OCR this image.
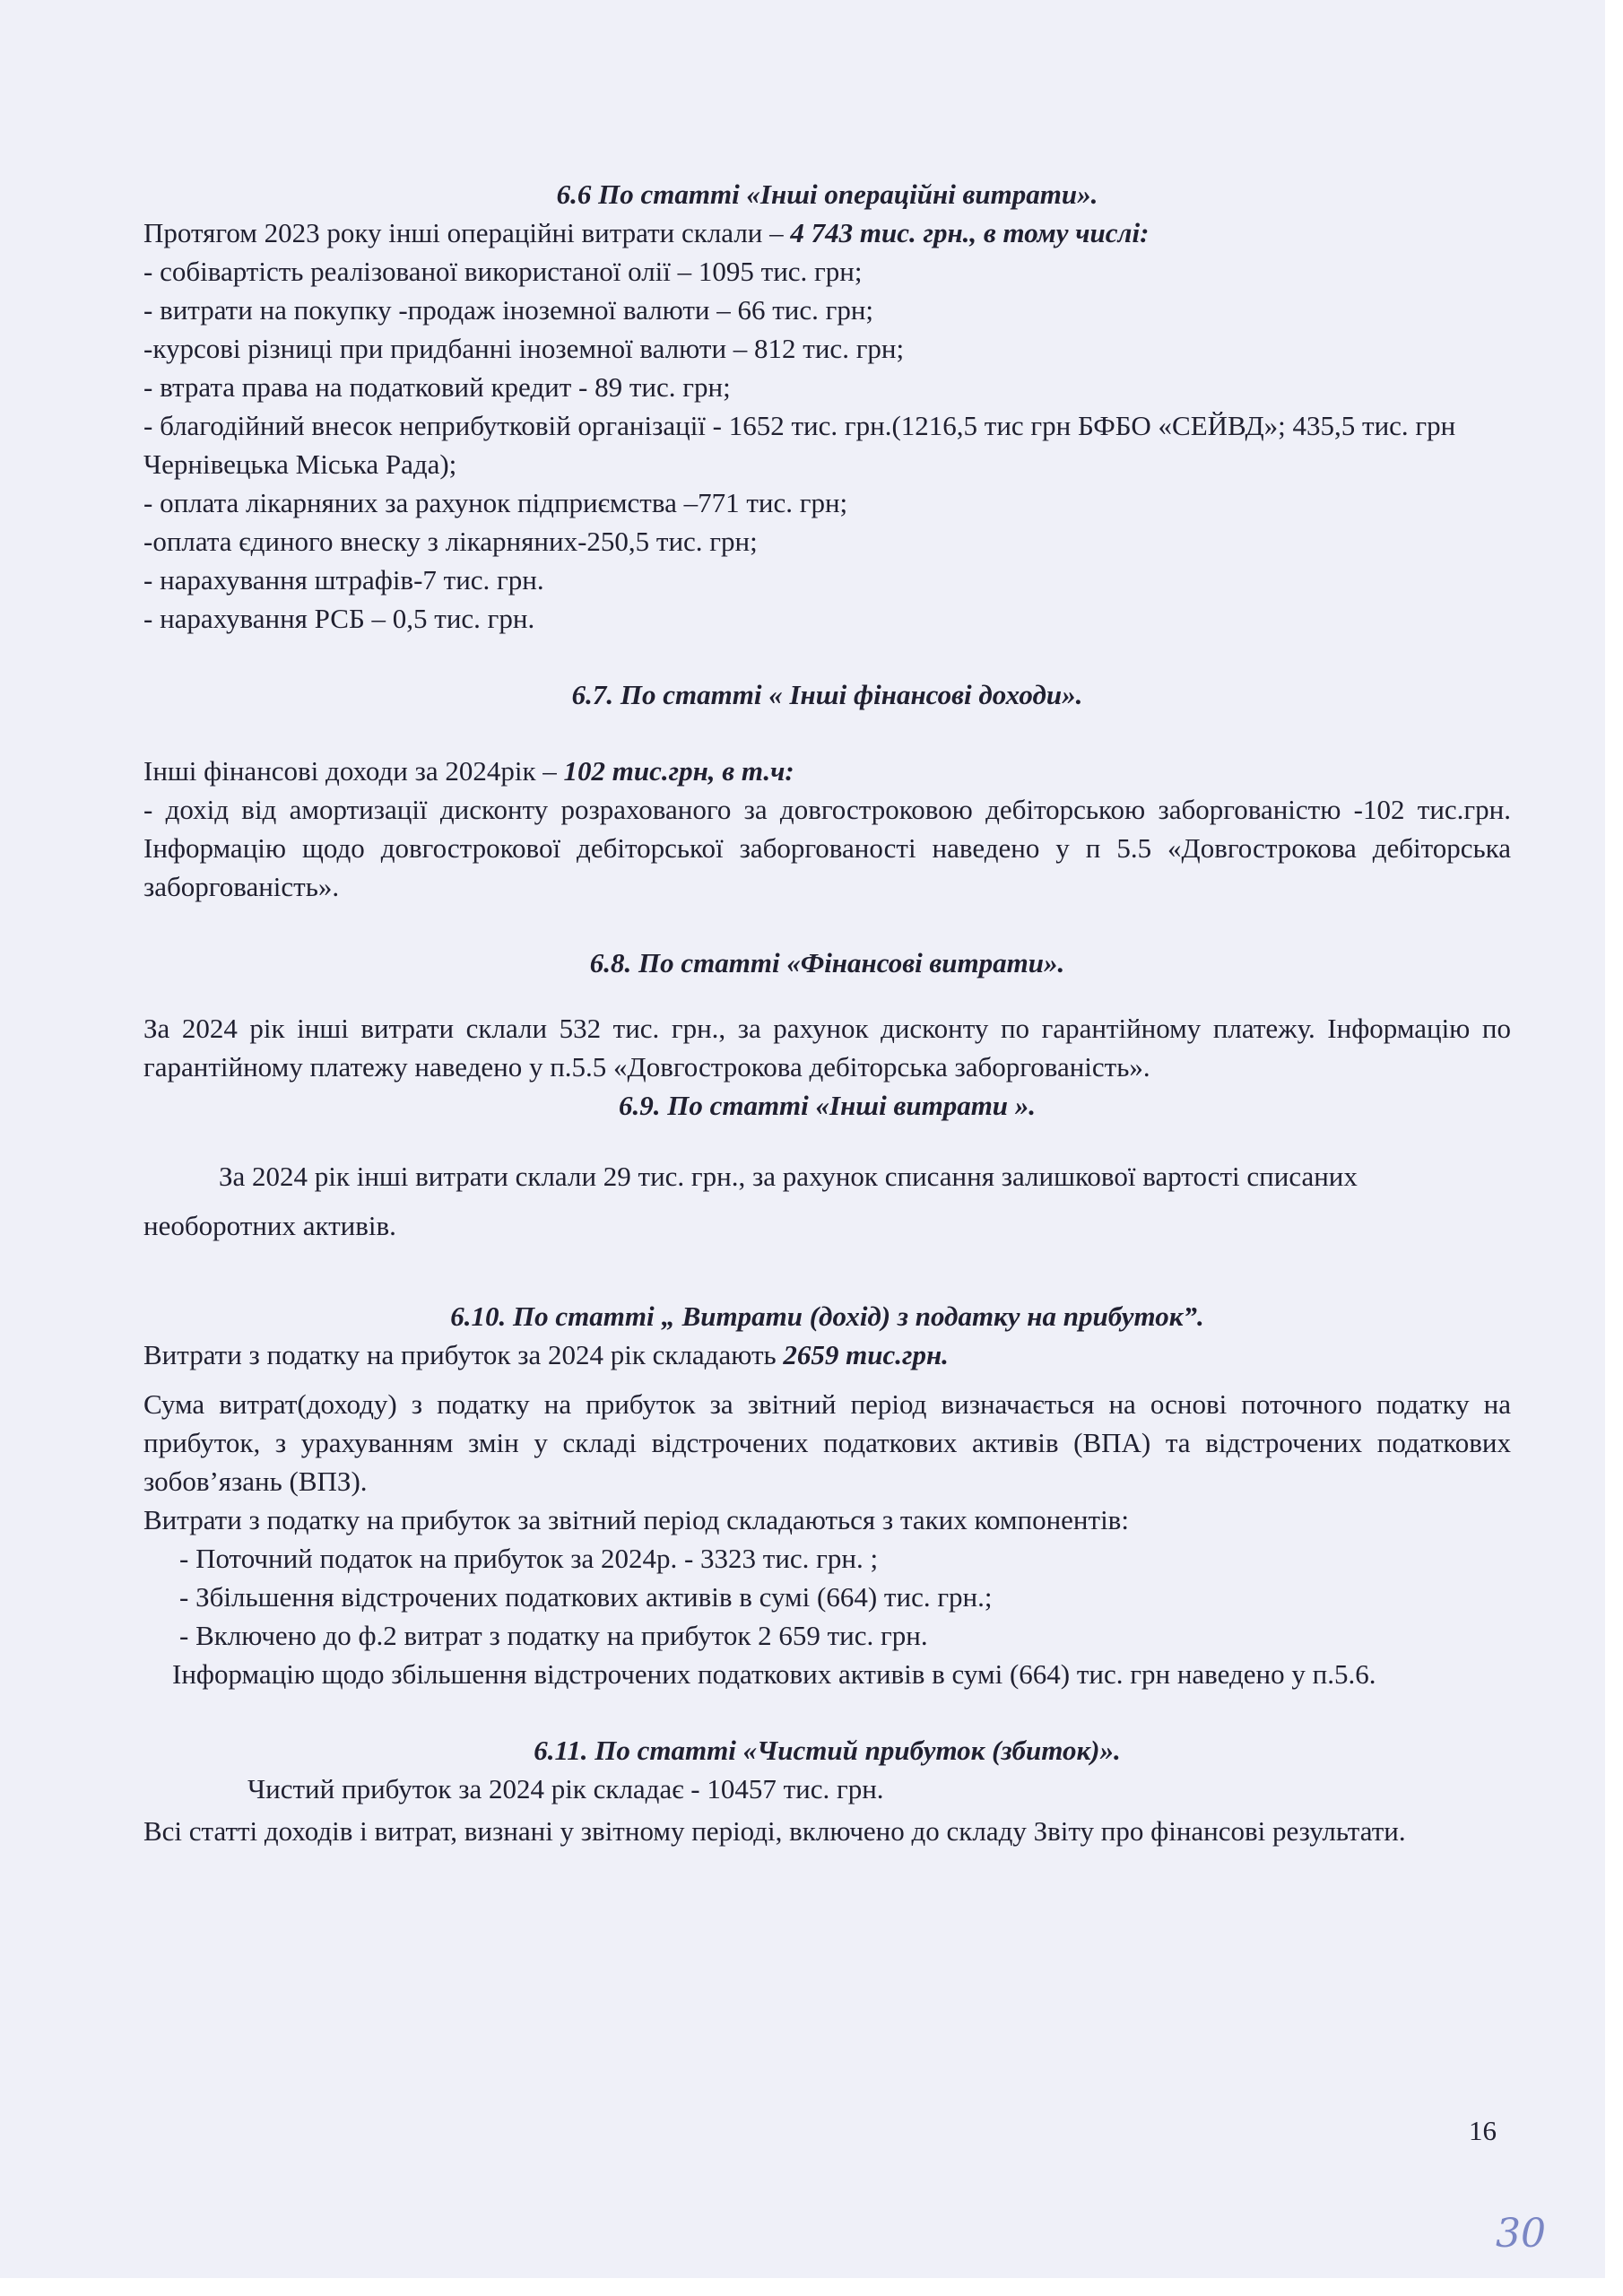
6.6 По статті «Інші операційні витрати».

Протягом 2023 року інші операційні витрати склали – 4 743 тис. грн., в тому числі:

- собівартість реалізованої використаної олії – 1095 тис. грн;

- витрати на покупку -продаж іноземної валюти – 66 тис. грн;

-курсові різниці при придбанні іноземної валюти – 812 тис. грн;

- втрата права на податковий кредит - 89 тис. грн;

- благодійний внесок неприбутковій організації - 1652 тис. грн.(1216,5 тис грн БФБО «СЕЙВД»; 435,5 тис. грн Чернівецька Міська Рада);

- оплата лікарняних за рахунок підприємства –771 тис. грн;

-оплата єдиного внеску з лікарняних-250,5 тис. грн;

- нарахування штрафів-7 тис. грн.

- нарахування РСБ – 0,5 тис. грн.

6.7. По статті « Інші фінансові доходи».

Інші фінансові доходи за 2024рік – 102 тис.грн, в т.ч:

- дохід від амортизації дисконту розрахованого за довгостроковою дебіторською заборгованістю -102 тис.грн. Інформацію щодо довгострокової дебіторської заборгованості наведено у п 5.5 «Довгострокова дебіторська заборгованість».

6.8. По статті «Фінансові витрати».

За 2024 рік інші витрати склали 532 тис. грн., за рахунок дисконту по гарантійному платежу. Інформацію по гарантійному платежу наведено у п.5.5 «Довгострокова дебіторська заборгованість».

6.9. По статті «Інші витрати ».

За 2024 рік інші витрати склали 29 тис. грн., за рахунок списання залишкової вартості списаних необоротних активів.

6.10. По статті „ Витрати (дохід) з податку на прибуток”.

Витрати з податку на прибуток за 2024 рік складають 2659 тис.грн.

Сума витрат(доходу) з податку на прибуток за звітний період визначається на основі поточного податку на прибуток, з урахуванням змін у складі відстрочених податкових активів (ВПА) та відстрочених податкових зобов’язань (ВПЗ).

Витрати з податку на прибуток за звітний період складаються з таких компонентів:

- Поточний податок на прибуток за 2024р. - 3323 тис. грн. ;

- Збільшення відстрочених податкових активів в сумі (664) тис. грн.;

- Включено до ф.2 витрат з податку на прибуток 2 659 тис. грн.

Інформацію щодо збільшення відстрочених податкових активів в сумі (664) тис. грн наведено у п.5.6.

6.11. По статті «Чистий прибуток (збиток)».

Чистий прибуток за 2024 рік складає - 10457 тис. грн.

Всі статті доходів і витрат, визнані у звітному періоді, включено до складу Звіту про фінансові результати.

16
30
